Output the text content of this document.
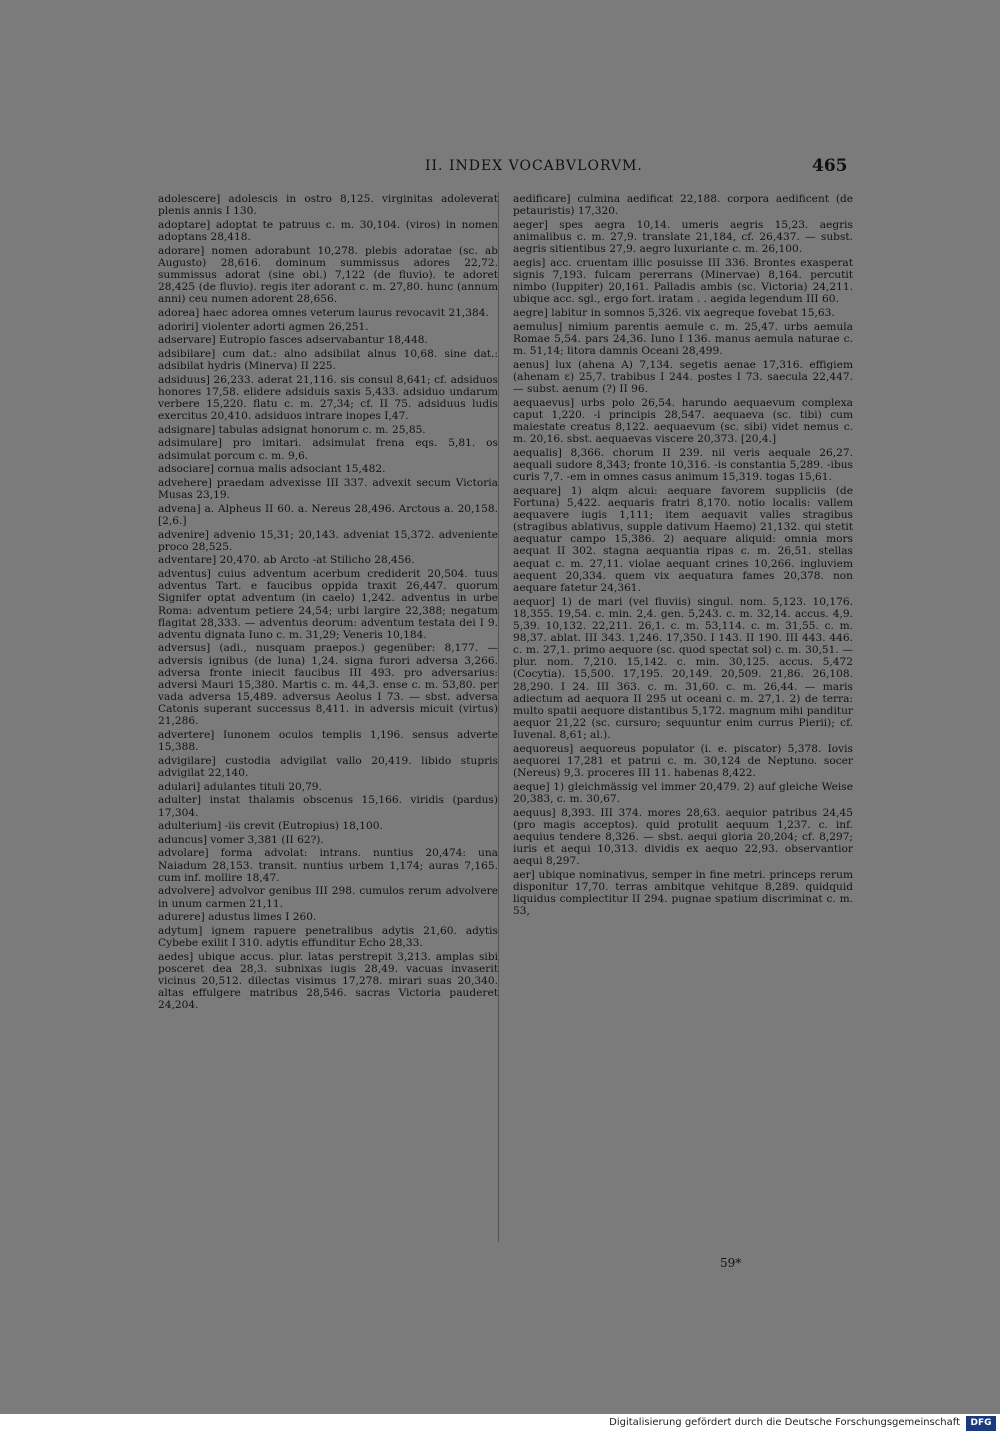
II. INDEX VOCABVLORVM.	465

adolescere] adolescis in ostro 8,125. virginitas adoleverat plenis annis I 130.

adoptare] adoptat te patruus c. m. 30,104. (viros) in nomen adoptans 28,418.

adorare] nomen adorabunt 10,278. plebis adoratae (sc. ab Augusto) 28,616. dominum summissus adores 22,72. summissus adorat (sine obi.) 7,122 (de fluvio). te adoret 28,425 (de fluvio). regis iter adorant c. m. 27,80. hunc (annum anni) ceu numen adorent 28,656.

adorea] haec adorea omnes veterum laurus revocavit 21,384.

adoriri] violenter adorti agmen 26,251.

adservare] Eutropio fasces adservabantur 18,448.

adsibilare] cum dat.: alno adsibilat alnus 10,68. sine dat.: adsibilat hydris (Minerva) II 225.

adsiduus] 26,233. aderat 21,116. sis consul 8,641; cf. adsiduos honores 17,58. elidere adsiduis saxis 5,433. adsiduo undarum verbere 15,220. flatu c. m. 27,34; cf. II 75. adsiduus ludis exercitus 20,410. adsiduos intrare inopes I,47.

adsignare] tabulas adsignat honorum c. m. 25,85.

adsimulare] pro imitari. adsimulat frena eqs. 5,81. os adsimulat porcum c. m. 9,6.

adsociare] cornua malis adsociant 15,482.

advehere] praedam advexisse III 337. advexit secum Victoria Musas 23,19.

advena] a. Alpheus II 60. a. Nereus 28,496. Arctous a. 20,158. [2,6.]

advenire] advenio 15,31; 20,143. adveniat 15,372. adveniente proco 28,525.

adventare] 20,470. ab Arcto -at Stilicho 28,456.

adventus] cuius adventum acerbum crediderit 20,504. tuus adventus Tart. e faucibus oppida traxit 26,447. quorum Signifer optat adventum (in caelo) 1,242. adventus in urbe Roma: adventum petiere 24,54; urbi largire 22,388; negatum flagitat 28,333. — adventus deorum: adventum testata dei I 9. adventu dignata Iuno c. m. 31,29; Veneris 10,184.

adversus] (adi., nusquam praepos.) gegenüber: 8,177. — adversis ignibus (de luna) 1,24. signa furori adversa 3,266. adversa fronte iniecit faucibus III 493. pro adversarius: adversi Mauri 15,380. Martis c. m. 44,3. ense c. m. 53,80. per vada adversa 15,489. adversus Aeolus I 73. — sbst. adversa Catonis superant successus 8,411. in adversis micuit (virtus) 21,286.

advertere] Iunonem oculos templis 1,196. sensus adverte 15,388.

advigilare] custodia advigilat vallo 20,419. libido stupris advigilat 22,140.

adulari] adulantes tituli 20,79.

adulter] instat thalamis obscenus 15,166. viridis (pardus) 17,304.

adulterium] -iis crevit (Eutropius) 18,100.

aduncus] vomer 3,381 (II 62?).

advolare] forma advolat: intrans. nuntius 20,474: una Naiadum 28,153. transit. nuntius urbem 1,174; auras 7,165. cum inf. mollire 18,47.

advolvere] advolvor genibus III 298. cumulos rerum advolvere in unum carmen 21,11.

adurere] adustus limes I 260.

adytum] ignem rapuere penetralibus adytis 21,60. adytis Cybebe exilit I 310. adytis effunditur Echo 28,33.

aedes] ubique accus. plur. latas perstrepit 3,213. amplas sibi posceret dea 28,3. subnixas iugis 28,49. vacuas invaserit vicinus 20,512. dilectas visimus 17,278. mirari suas 20,340. altas effulgere matribus 28,546. sacras Victoria pauderet 24,204.

aedificare] culmina aedificat 22,188. corpora aedificent (de petauristis) 17,320.

aeger] spes aegra 10,14. umeris aegris 15,23. aegris animalibus c. m. 27,9. translate 21,184, cf. 26,437. — subst. aegris sitientibus 27,9. aegro luxuriante c. m. 26,100.

aegis] acc. cruentam illic posuisse III 336. Brontes exasperat signis 7,193. fulcam pererrans (Minervae) 8,164. percutit nimbo (Iuppiter) 20,161. Palladis ambis (sc. Victoria) 24,211. ubique acc. sgl., ergo fort. iratam . . aegida legendum III 60.

aegre] labitur in somnos 5,326. vix aegreque fovebat 15,63.

aemulus] nimium parentis aemule c. m. 25,47. urbs aemula Romae 5,54. pars 24,36. Iuno I 136. manus aemula naturae c. m. 51,14; litora damnis Oceani 28,499.

aenus] lux (ahena A) 7,134. segetis aenae 17,316. effigiem (ahenam ε) 25,7. trabibus I 244. postes I 73. saecula 22,447. — subst. aenum (?) II 96.

aequaevus] urbs polo 26,54. harundo aequaevum complexa caput 1,220. -i principis 28,547. aequaeva (sc. tibi) cum maiestate creatus 8,122. aequaevum (sc. sibi) videt nemus c. m. 20,16. sbst. aequaevas viscere 20,373. [20,4.]

aequalis] 8,366. chorum II 239. nil veris aequale 26,27. aequali sudore 8,343; fronte 10,316. -is constantia 5,289. -ibus curis 7,7. -em in omnes casus animum 15,319. togas 15,61.

aequare] 1) alqm alcui: aequare favorem suppliciis (de Fortuna) 5,422. aequaris fratri 8,170. notio localis: vallem aequavere iugis 1,111; item aequavit valles stragibus (stragibus ablativus, supple dativum Haemo) 21,132. qui stetit aequatur campo 15,386. 2) aequare aliquid: omnia mors aequat II 302. stagna aequantia ripas c. m. 26,51. stellas aequat c. m. 27,11. violae aequant crines 10,266. ingluviem aequent 20,334. quem vix aequatura fames 20,378. non aequare fatetur 24,361.

aequor] 1) de mari (vel fluviis) singul. nom. 5,123. 10,176. 18,355. 19,54. c. min. 2,4. gen. 5,243. c. m. 32,14. accus. 4,9. 5,39. 10,132. 22,211. 26,1. c. m. 53,114. c. m. 31,55. c. m. 98,37. ablat. III 343. 1,246. 17,350. I 143. II 190. III 443. 446. c. m. 27,1. primo aequore (sc. quod spectat sol) c. m. 30,51. — plur. nom. 7,210. 15,142. c. min. 30,125. accus. 5,472 (Cocytia). 15,500. 17,195. 20,149. 20,509. 21,86. 26,108. 28,290. I 24. III 363. c. m. 31,60. c. m. 26,44. — maris adiectum ad aequora II 295 ut oceani c. m. 27,1. 2) de terra: multo spatii aequore distantibus 5,172. magnum mihi panditur aequor 21,22 (sc. cursuro; sequuntur enim currus Pierii); cf. Iuvenal. 8,61; al.).

aequoreus] aequoreus populator (i. e. piscator) 5,378. Iovis aequorei 17,281 et patrui c. m. 30,124 de Neptuno. socer (Nereus) 9,3. proceres III 11. habenas 8,422.

aeque] 1) gleichmässig vel immer 20,479. 2) auf gleiche Weise 20,383, c. m. 30,67.

aequus] 8,393. III 374. mores 28,63. aequior patribus 24,45 (pro magis acceptos). quid protulit aequum 1,237. c. inf. aequius tendere 8,326. — sbst. aequi gloria 20,204; cf. 8,297; iuris et aequi 10,313. dividis ex aequo 22,93. observantior aequi 8,297.

aer] ubique nominativus, semper in fine metri. princeps rerum disponitur 17,70. terras ambitque vehitque 8,289. quidquid liquidus complectitur II 294. pugnae spatium discriminat c. m. 53,

59*
Digitalisierung gefördert durch die Deutsche Forschungsgemeinschaft	DFG
